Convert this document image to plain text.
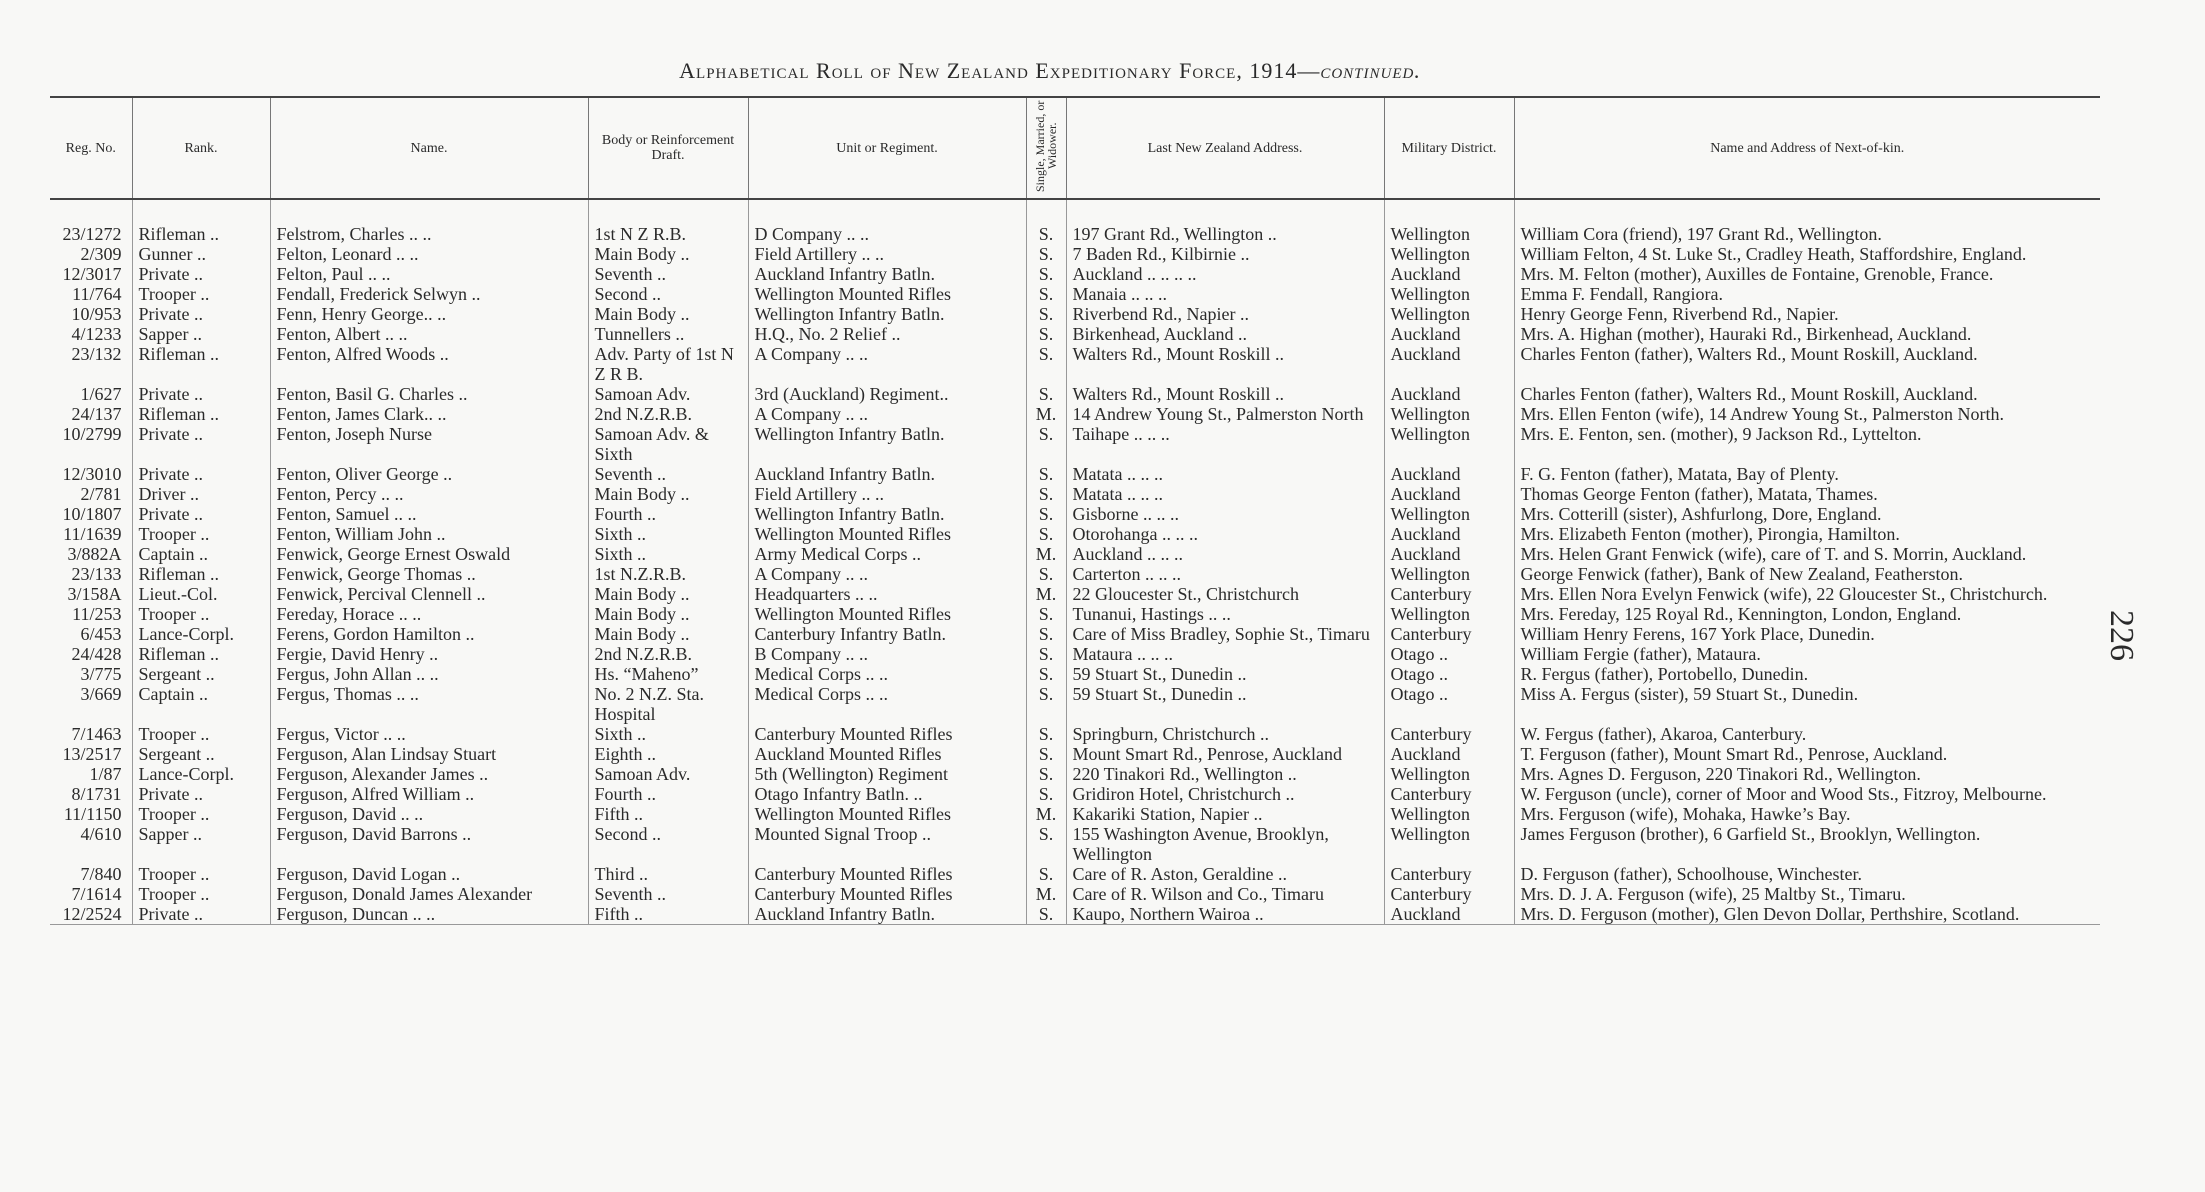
Alphabetical Roll of New Zealand Expeditionary Force, 1914—continued.
226
Reg. No.	Rank.	Name.	Body or Reinforcement Draft.	Unit or Regiment.	Single, Married, or Widower.	Last New Zealand Address.	Military District.	Name and Address of Next-of-kin.

23/1272	Rifleman ..	Felstrom, Charles .. ..	1st N Z R.B.	D Company .. ..	S.	197 Grant Rd., Wellington ..	Wellington	William Cora (friend), 197 Grant Rd., Wellington.
2/309	Gunner ..	Felton, Leonard .. ..	Main Body ..	Field Artillery .. ..	S.	7 Baden Rd., Kilbirnie ..	Wellington	William Felton, 4 St. Luke St., Cradley Heath, Staffordshire, England.
12/3017	Private ..	Felton, Paul .. ..	Seventh ..	Auckland Infantry Batln.	S.	Auckland .. .. .. ..	Auckland	Mrs. M. Felton (mother), Auxilles de Fontaine, Grenoble, France.
11/764	Trooper ..	Fendall, Frederick Selwyn ..	Second ..	Wellington Mounted Rifles	S.	Manaia .. .. ..	Wellington	Emma F. Fendall, Rangiora.
10/953	Private ..	Fenn, Henry George.. ..	Main Body ..	Wellington Infantry Batln.	S.	Riverbend Rd., Napier ..	Wellington	Henry George Fenn, Riverbend Rd., Napier.
4/1233	Sapper ..	Fenton, Albert .. ..	Tunnellers ..	H.Q., No. 2 Relief ..	S.	Birkenhead, Auckland ..	Auckland	Mrs. A. Highan (mother), Hauraki Rd., Birkenhead, Auckland.
23/132	Rifleman ..	Fenton, Alfred Woods ..	Adv. Party of 1st N Z R B.	A Company .. ..	S.	Walters Rd., Mount Roskill ..	Auckland	Charles Fenton (father), Walters Rd., Mount Roskill, Auckland.
1/627	Private ..	Fenton, Basil G. Charles ..	Samoan Adv.	3rd (Auckland) Regiment..	S.	Walters Rd., Mount Roskill ..	Auckland	Charles Fenton (father), Walters Rd., Mount Roskill, Auckland.
24/137	Rifleman ..	Fenton, James Clark.. ..	2nd N.Z.R.B.	A Company .. ..	M.	14 Andrew Young St., Palmerston North	Wellington	Mrs. Ellen Fenton (wife), 14 Andrew Young St., Palmerston North.
10/2799	Private ..	Fenton, Joseph Nurse	Samoan Adv. & Sixth	Wellington Infantry Batln.	S.	Taihape .. .. ..	Wellington	Mrs. E. Fenton, sen. (mother), 9 Jackson Rd., Lyttelton.
12/3010	Private ..	Fenton, Oliver George ..	Seventh ..	Auckland Infantry Batln.	S.	Matata .. .. ..	Auckland	F. G. Fenton (father), Matata, Bay of Plenty.
2/781	Driver ..	Fenton, Percy .. ..	Main Body ..	Field Artillery .. ..	S.	Matata .. .. ..	Auckland	Thomas George Fenton (father), Matata, Thames.
10/1807	Private ..	Fenton, Samuel .. ..	Fourth ..	Wellington Infantry Batln.	S.	Gisborne .. .. ..	Wellington	Mrs. Cotterill (sister), Ashfurlong, Dore, England.
11/1639	Trooper ..	Fenton, William John ..	Sixth ..	Wellington Mounted Rifles	S.	Otorohanga .. .. ..	Auckland	Mrs. Elizabeth Fenton (mother), Pirongia, Hamilton.
3/882A	Captain ..	Fenwick, George Ernest Oswald	Sixth ..	Army Medical Corps ..	M.	Auckland .. .. ..	Auckland	Mrs. Helen Grant Fenwick (wife), care of T. and S. Morrin, Auckland.
23/133	Rifleman ..	Fenwick, George Thomas ..	1st N.Z.R.B.	A Company .. ..	S.	Carterton .. .. ..	Wellington	George Fenwick (father), Bank of New Zealand, Featherston.
3/158A	Lieut.-Col.	Fenwick, Percival Clennell ..	Main Body ..	Headquarters .. ..	M.	22 Gloucester St., Christchurch	Canterbury	Mrs. Ellen Nora Evelyn Fenwick (wife), 22 Gloucester St., Christchurch.
11/253	Trooper ..	Fereday, Horace .. ..	Main Body ..	Wellington Mounted Rifles	S.	Tunanui, Hastings .. ..	Wellington	Mrs. Fereday, 125 Royal Rd., Kennington, London, England.
6/453	Lance-Corpl.	Ferens, Gordon Hamilton ..	Main Body ..	Canterbury Infantry Batln.	S.	Care of Miss Bradley, Sophie St., Timaru	Canterbury	William Henry Ferens, 167 York Place, Dunedin.
24/428	Rifleman ..	Fergie, David Henry ..	2nd N.Z.R.B.	B Company .. ..	S.	Mataura .. .. ..	Otago ..	William Fergie (father), Mataura.
3/775	Sergeant ..	Fergus, John Allan .. ..	Hs. “Maheno”	Medical Corps .. ..	S.	59 Stuart St., Dunedin ..	Otago ..	R. Fergus (father), Portobello, Dunedin.
3/669	Captain ..	Fergus, Thomas .. ..	No. 2 N.Z. Sta. Hospital	Medical Corps .. ..	S.	59 Stuart St., Dunedin ..	Otago ..	Miss A. Fergus (sister), 59 Stuart St., Dunedin.
7/1463	Trooper ..	Fergus, Victor .. ..	Sixth ..	Canterbury Mounted Rifles	S.	Springburn, Christchurch ..	Canterbury	W. Fergus (father), Akaroa, Canterbury.
13/2517	Sergeant ..	Ferguson, Alan Lindsay Stuart	Eighth ..	Auckland Mounted Rifles	S.	Mount Smart Rd., Penrose, Auckland	Auckland	T. Ferguson (father), Mount Smart Rd., Penrose, Auckland.
1/87	Lance-Corpl.	Ferguson, Alexander James ..	Samoan Adv.	5th (Wellington) Regiment	S.	220 Tinakori Rd., Wellington ..	Wellington	Mrs. Agnes D. Ferguson, 220 Tinakori Rd., Wellington.
8/1731	Private ..	Ferguson, Alfred William ..	Fourth ..	Otago Infantry Batln. ..	S.	Gridiron Hotel, Christchurch ..	Canterbury	W. Ferguson (uncle), corner of Moor and Wood Sts., Fitzroy, Melbourne.
11/1150	Trooper ..	Ferguson, David .. ..	Fifth ..	Wellington Mounted Rifles	M.	Kakariki Station, Napier ..	Wellington	Mrs. Ferguson (wife), Mohaka, Hawke’s Bay.
4/610	Sapper ..	Ferguson, David Barrons ..	Second ..	Mounted Signal Troop ..	S.	155 Washington Avenue, Brooklyn, Wellington	Wellington	James Ferguson (brother), 6 Garfield St., Brooklyn, Wellington.
7/840	Trooper ..	Ferguson, David Logan ..	Third ..	Canterbury Mounted Rifles	S.	Care of R. Aston, Geraldine ..	Canterbury	D. Ferguson (father), Schoolhouse, Winchester.
7/1614	Trooper ..	Ferguson, Donald James Alexander	Seventh ..	Canterbury Mounted Rifles	M.	Care of R. Wilson and Co., Timaru	Canterbury	Mrs. D. J. A. Ferguson (wife), 25 Maltby St., Timaru.
12/2524	Private ..	Ferguson, Duncan .. ..	Fifth ..	Auckland Infantry Batln.	S.	Kaupo, Northern Wairoa ..	Auckland	Mrs. D. Ferguson (mother), Glen Devon Dollar, Perthshire, Scotland.
